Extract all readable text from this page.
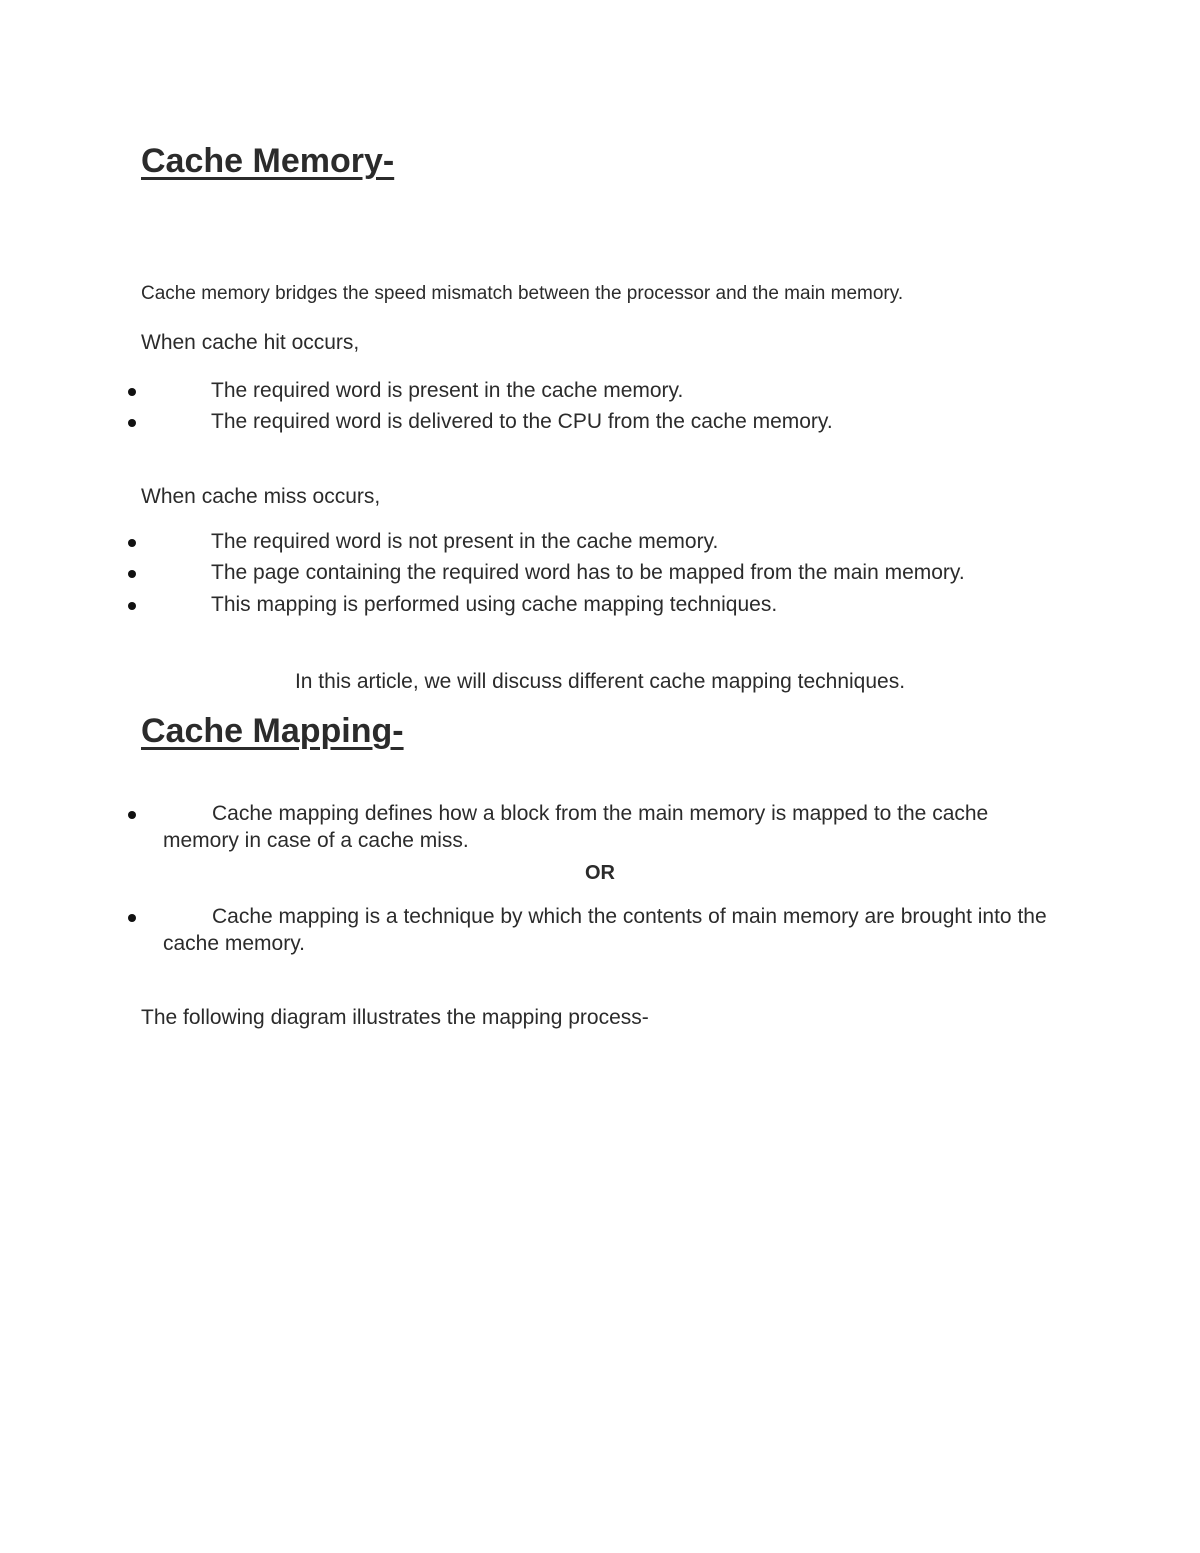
Cache Memory-

Cache memory bridges the speed mismatch between the processor and the main memory.

When cache hit occurs,

The required word is present in the cache memory.
The required word is delivered to the CPU from the cache memory.

When cache miss occurs,

The required word is not present in the cache memory.
The page containing the required word has to be mapped from the main memory.
This mapping is performed using cache mapping techniques.

In this article, we will discuss different cache mapping techniques.

Cache Mapping-
Cache mapping defines how a block from the main memory is mapped to the cache memory in case of a cache miss.

OR

Cache mapping is a technique by which the contents of main memory are brought into the cache memory.

The following diagram illustrates the mapping process-
